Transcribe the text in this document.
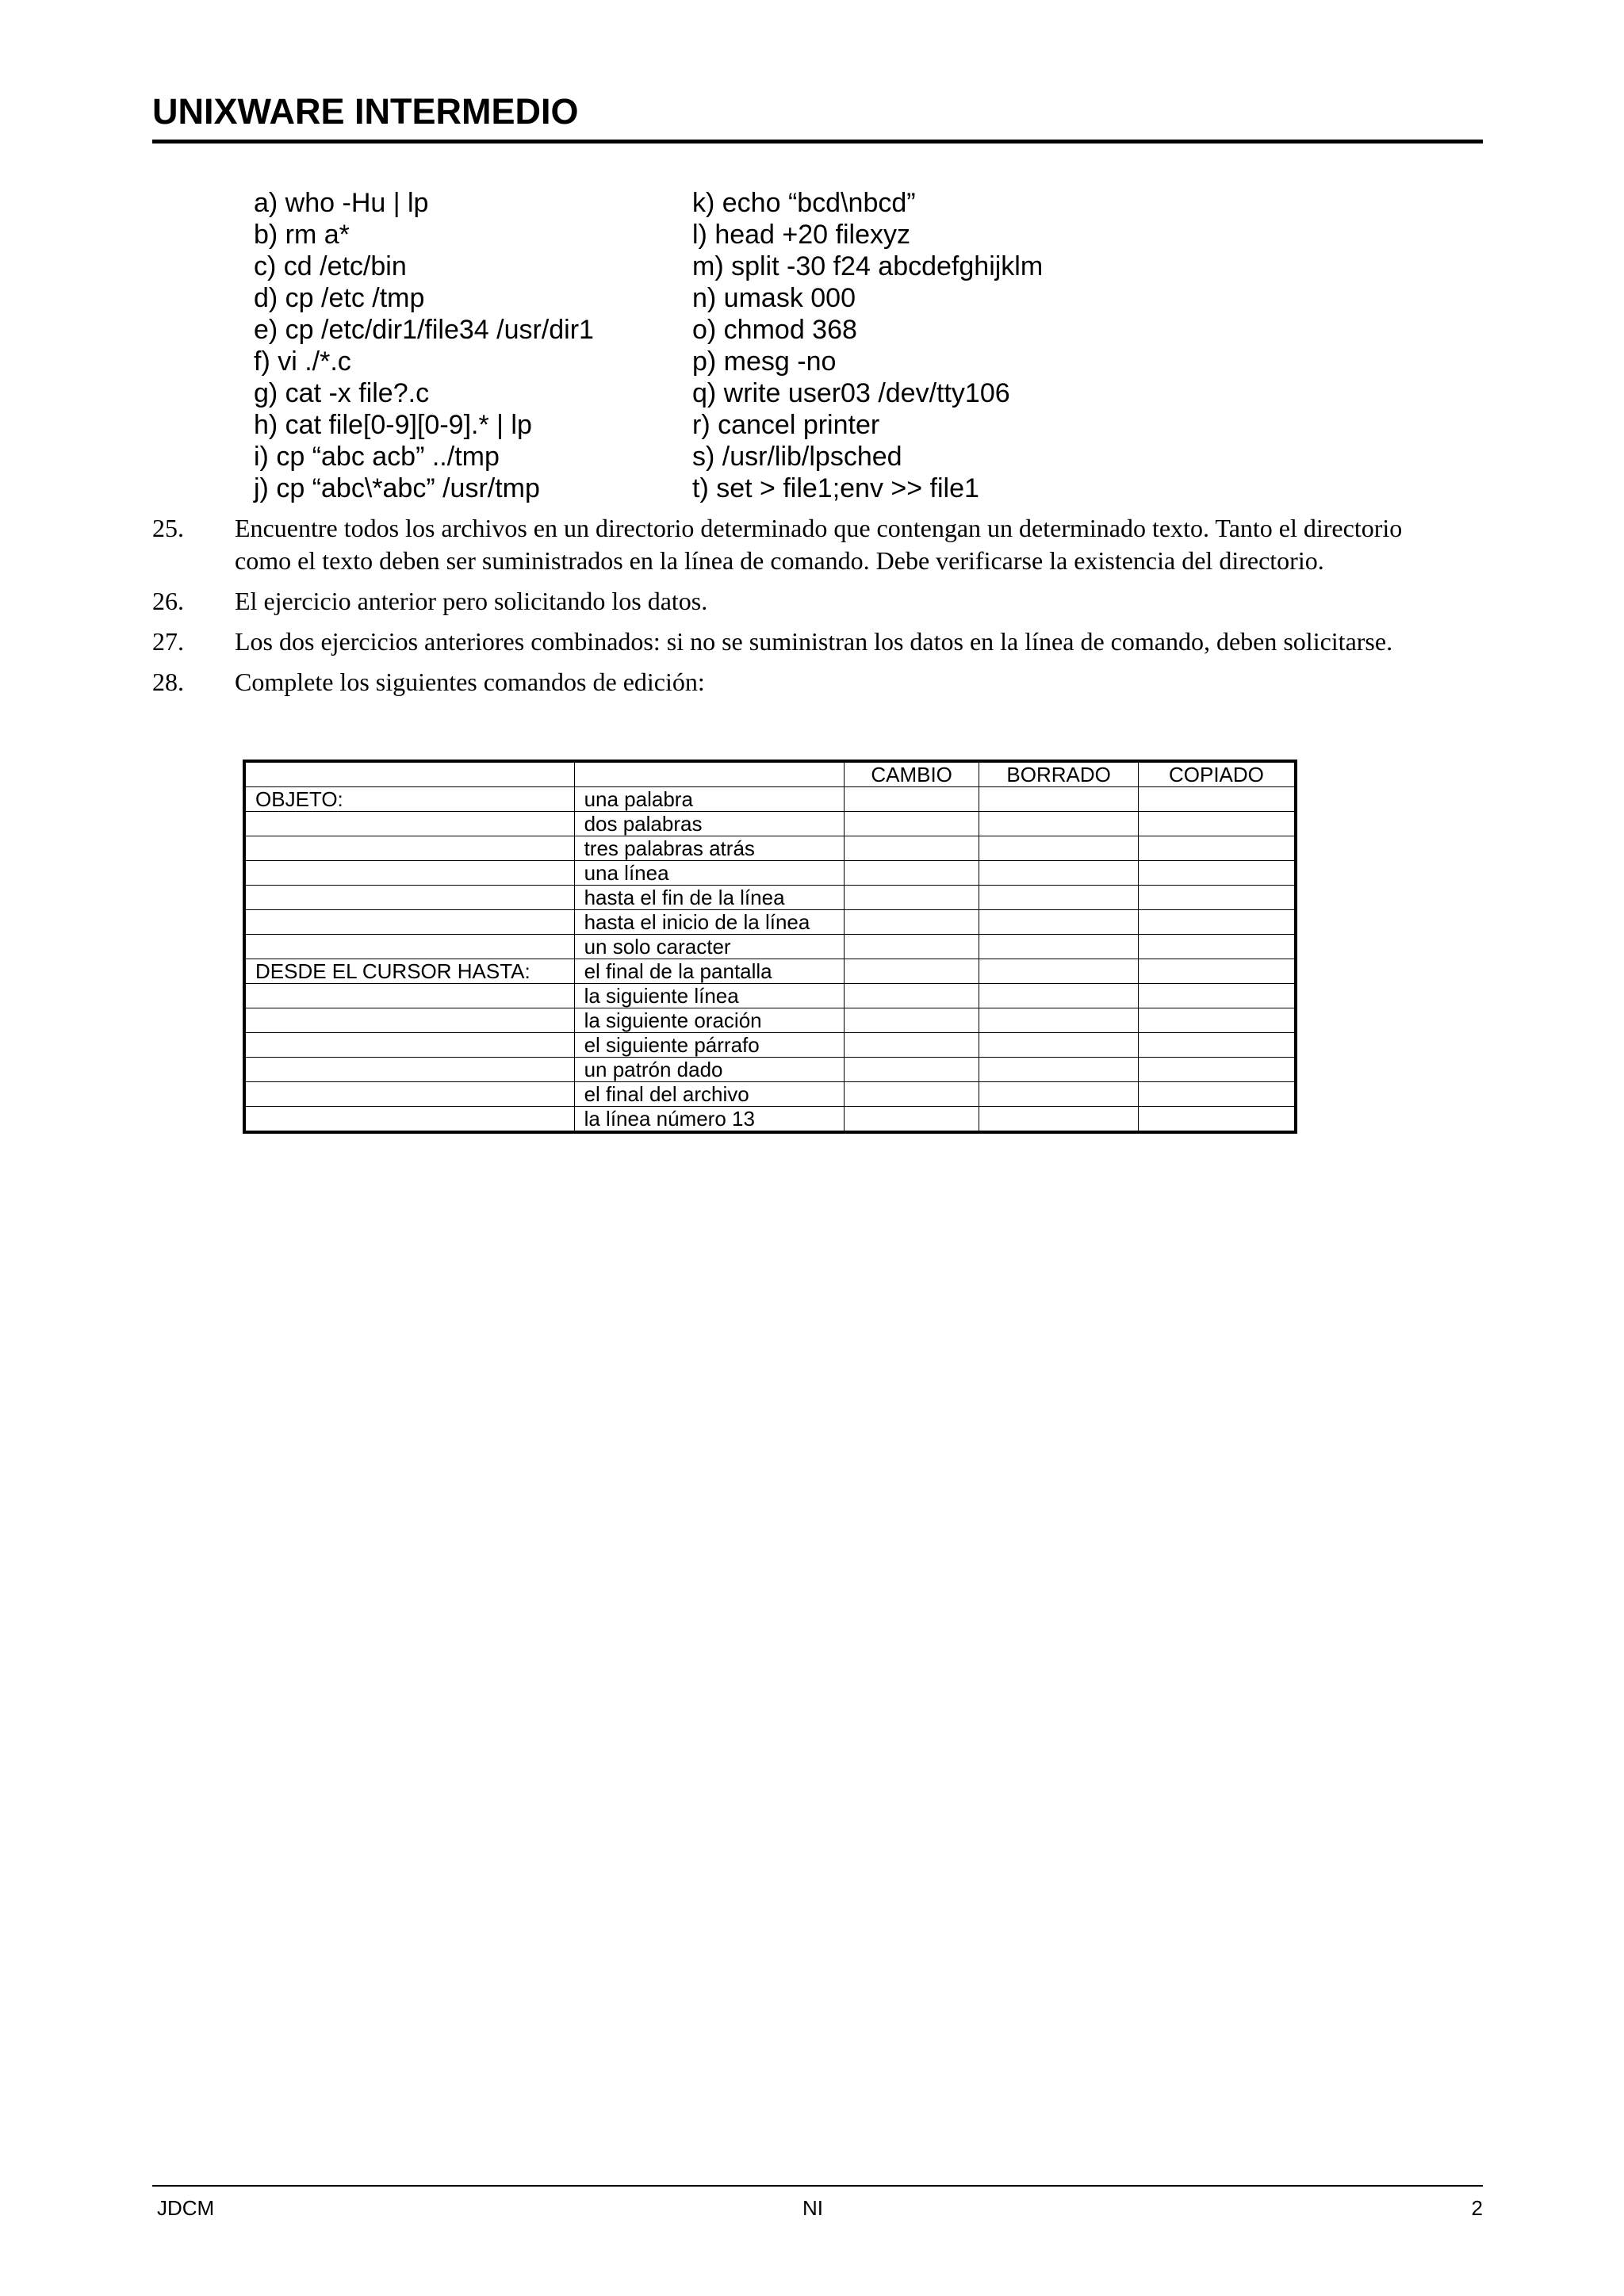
UNIXWARE INTERMEDIO
a) who -Hu | lp
b) rm a*
c) cd /etc/bin
d) cp /etc /tmp
e) cp /etc/dir1/file34 /usr/dir1
f) vi ./*.c
g) cat -x file?.c
h) cat file[0-9][0-9].* | lp
i) cp “abc acb” ../tmp
j) cp “abc\*abc” /usr/tmp
k) echo “bcd\nbcd”
l) head +20 filexyz
m) split -30 f24 abcdefghijklm
n) umask 000
o) chmod 368
p) mesg -no
q) write user03 /dev/tty106
r) cancel printer
s) /usr/lib/lpsched
t) set > file1;env >> file1
25.	Encuentre todos los archivos en un directorio determinado que contengan un determinado texto. Tanto el directorio como el texto deben ser suministrados en la línea de comando. Debe verificarse la existencia del directorio.
26.	El ejercicio anterior pero solicitando los datos.
27.	Los dos ejercicios anteriores combinados: si no se suministran los datos en la línea de comando, deben solicitarse.
28.	Complete los siguientes comandos de edición:
		CAMBIO	BORRADO	COPIADO
OBJETO:	una palabra			
	dos palabras			
	tres palabras atrás			
	una línea			
	hasta el fin de la línea			
	hasta el inicio de la línea			
	un solo caracter			
DESDE EL CURSOR HASTA:	el final de la pantalla			
	la siguiente línea			
	la siguiente oración			
	el siguiente párrafo			
	un patrón dado			
	el final del archivo			
	la línea número 13			
JDCM	NI	2
